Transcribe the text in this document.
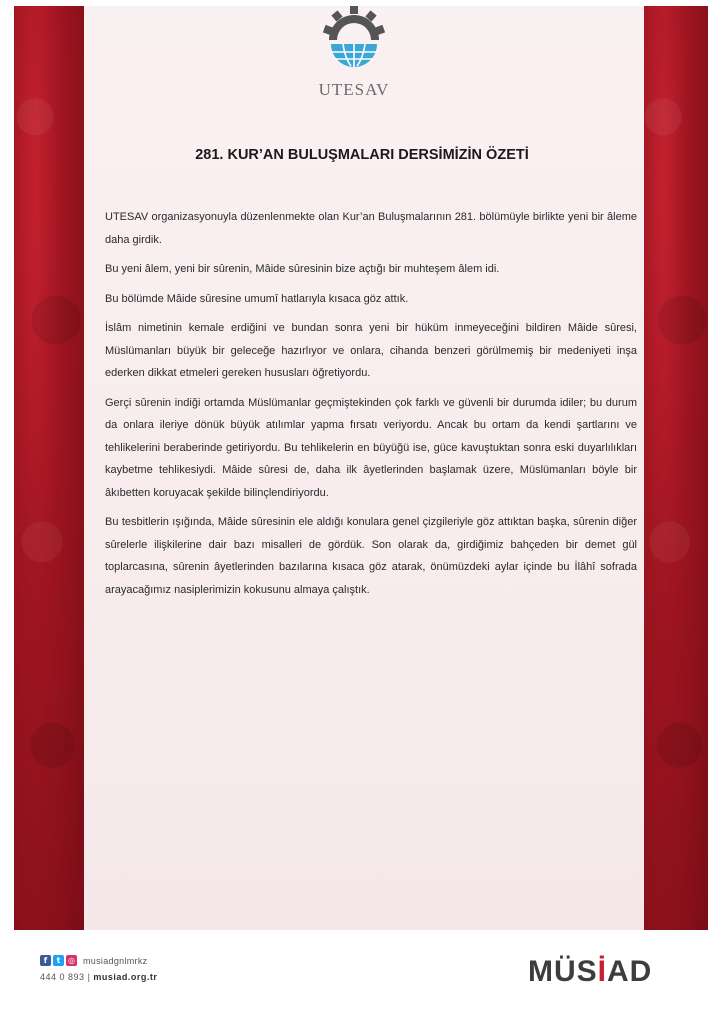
UTESAV
281. KUR’AN BULUŞMALARI DERSİMİZİN ÖZETİ

UTESAV organizasyonuyla düzenlenmekte olan Kur’an Buluşmalarının 281. bölümüyle birlikte yeni bir âleme daha girdik.

Bu yeni âlem, yeni bir sûrenin, Mâide sûresinin bize açtığı bir muhteşem âlem idi.

Bu bölümde Mâide sûresine umumî hatlarıyla kısaca göz attık.

İslâm nimetinin kemale erdiğini ve bundan sonra yeni bir hüküm inmeyeceğini bildiren Mâide sûresi, Müslümanları büyük bir geleceğe hazırlıyor ve onlara, cihanda benzeri görülmemiş bir medeniyeti inşa ederken dikkat etmeleri gereken hususları öğretiyordu.

Gerçi sûrenin indiği ortamda Müslümanlar geçmiştekinden çok farklı ve güvenli bir durumda idiler; bu durum da onlara ileriye dönük büyük atılımlar yapma fırsatı veriyordu. Ancak bu ortam da kendi şartlarını ve tehlikelerini beraberinde getiriyordu. Bu tehlikelerin en büyüğü ise, güce kavuştuktan sonra eski duyarlılıkları kaybetme tehlikesiydi. Mâide sûresi de, daha ilk âyetlerinden başlamak üzere, Müslümanları böyle bir âkıbetten koruyacak şekilde bilinçlendiriyordu.

Bu tesbitlerin ışığında, Mâide sûresinin ele aldığı konulara genel çizgileriyle göz attıktan başka, sûrenin diğer sûrelerle ilişkilerine dair bazı misalleri de gördük. Son olarak da, girdiğimiz bahçeden bir demet gül toplarcasına, sûrenin âyetlerinden bazılarına kısaca göz atarak, önümüzdeki aylar içinde bu İlâhî sofrada arayacağımız nasiplerimizin kokusunu almaya çalıştık.

f	t ◎ musiadgnlmrkz
444 0 893 | musiad.org.tr	MÜSİAD
